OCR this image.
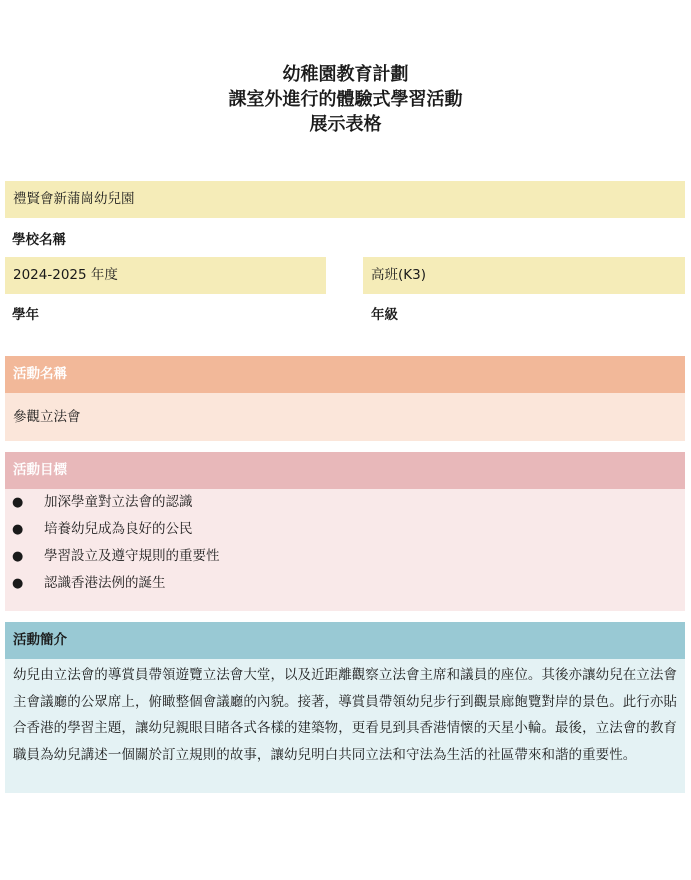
幼稚園教育計劃
課室外進行的體驗式學習活動
展示表格
禮賢會新蒲崗幼兒園
學校名稱
2024-2025 年度	高班(K3)
學年	年級
活動名稱
參觀立法會
活動目標
● 加深學童對立法會的認識
● 培養幼兒成為良好的公民
● 學習設立及遵守規則的重要性
● 認識香港法例的誕生
活動簡介
幼兒由立法會的導賞員帶領遊覽立法會大堂，以及近距離觀察立法會主席和議員的座位。其後亦讓幼兒在立法會主會議廳的公眾席上，俯瞰整個會議廳的內貌。接著，導賞員帶領幼兒步行到觀景廊飽覽對岸的景色。此行亦貼合香港的學習主題，讓幼兒親眼目睹各式各樣的建築物，更看見到具香港情懷的天星小輪。最後，立法會的教育職員為幼兒講述一個關於訂立規則的故事，讓幼兒明白共同立法和守法為生活的社區帶來和諧的重要性。
